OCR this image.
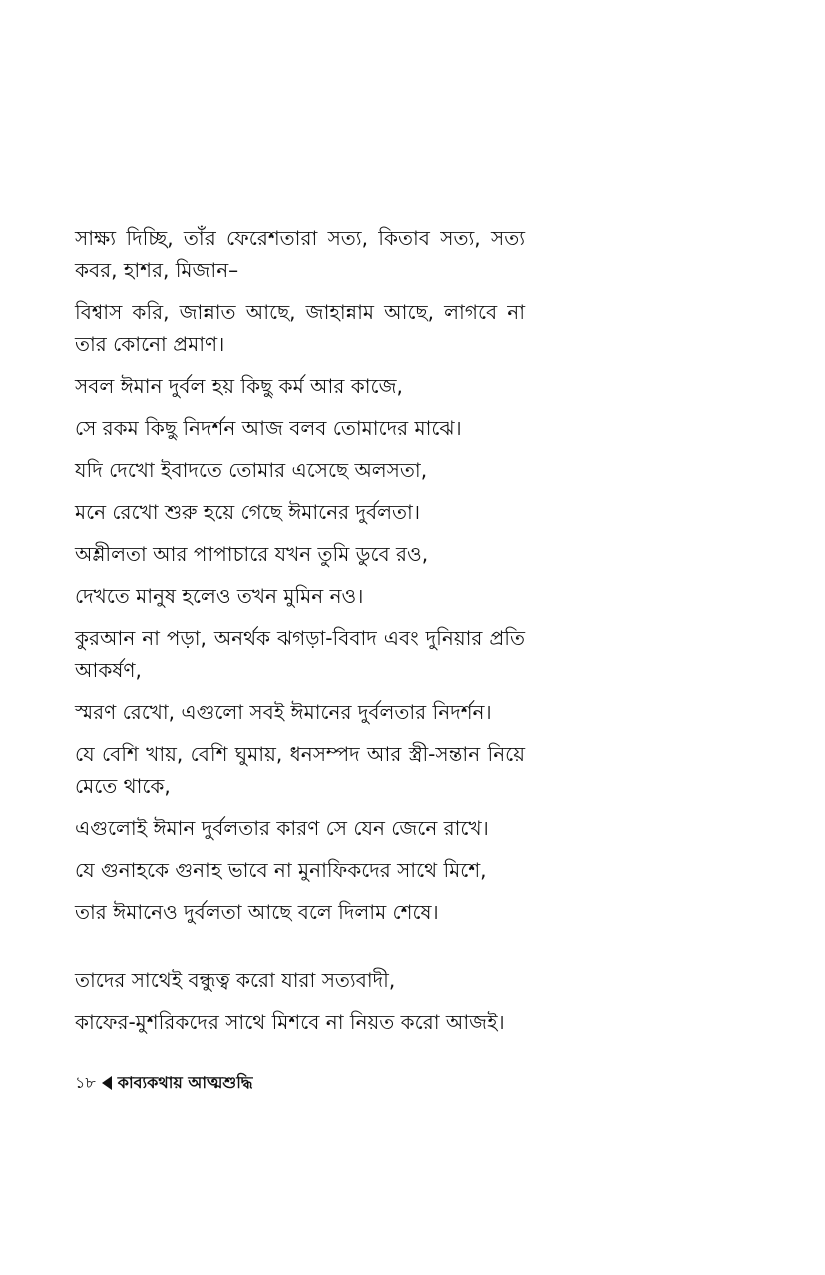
সাক্ষ্য দিচ্ছি, তাঁর ফেরেশতারা সত্য, কিতাব সত্য, সত্য কবর, হাশর, মিজান–

বিশ্বাস করি, জান্নাত আছে, জাহান্নাম আছে, লাগবে না তার কোনো প্রমাণ।

সবল ঈমান দুর্বল হয় কিছু কর্ম আর কাজে,

সে রকম কিছু নিদর্শন আজ বলব তোমাদের মাঝে।

যদি দেখো ইবাদতে তোমার এসেছে অলসতা,

মনে রেখো শুরু হয়ে গেছে ঈমানের দুর্বলতা।

অশ্লীলতা আর পাপাচারে যখন তুমি ডুবে রও,

দেখতে মানুষ হলেও তখন মুমিন নও।

কুরআন না পড়া, অনর্থক ঝগড়া-বিবাদ এবং দুনিয়ার প্রতি আকর্ষণ,

স্মরণ রেখো, এগুলো সবই ঈমানের দুর্বলতার নিদর্শন।

যে বেশি খায়, বেশি ঘুমায়, ধনসম্পদ আর স্ত্রী-সন্তান নিয়ে মেতে থাকে,

এগুলোই ঈমান দুর্বলতার কারণ সে যেন জেনে রাখে।

যে গুনাহকে গুনাহ ভাবে না মুনাফিকদের সাথে মিশে,

তার ঈমানেও দুর্বলতা আছে বলে দিলাম শেষে।

তাদের সাথেই বন্ধুত্ব করো যারা সত্যবাদী,

কাফের-মুশরিকদের সাথে মিশবে না নিয়ত করো আজই।

১৮ কাব্যকথায় আত্মশুদ্ধি
